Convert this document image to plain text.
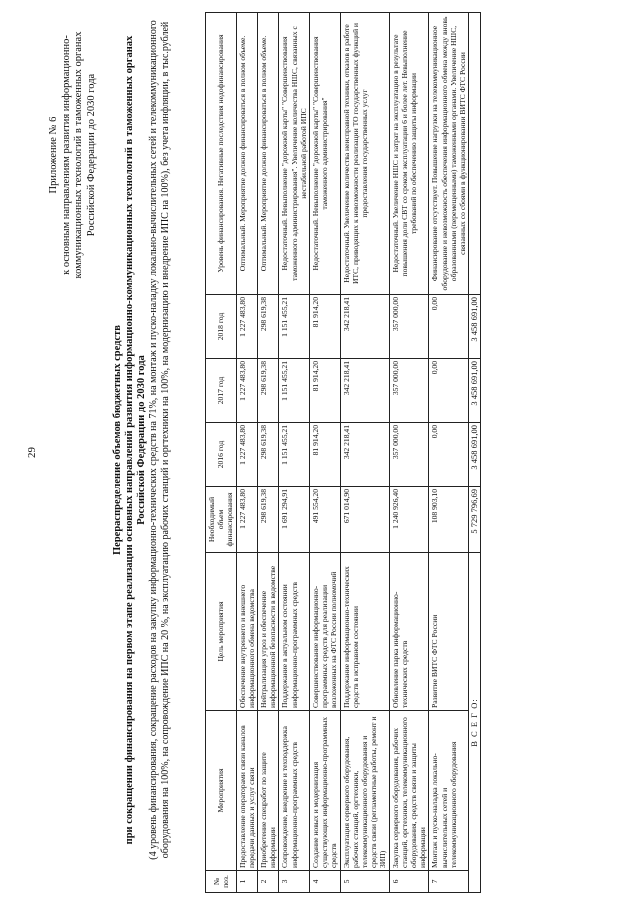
29
Приложение № 6 к основным направлениям развития информационно- коммуникационных технологий в таможенных органах Российской Федерации до 2030 года
Перераспределение объемов бюджетных средств при сокращении финансирования на первом этапе реализации основных направлений развития информационно-коммуникационных технологий в таможенных органах Российской Федерации до 2030 года (4 уровень финансирования, сокращение расходов на закупку информационно-технических средств на 71%, на монтаж и пуско-наладку локально-вычислительных сетей и телекоммуникационного оборудования на 100%, на сопровождение ИПС на 20 %, на эксплуатацию рабочих станций и оргтехники на 100%, на модернизацию и внедрение ИПС на 100%), без учета инфляции, в тыс.рублей
№ поз.	Мероприятия	Цель мероприятия	Необходимый объем финансирования	2016 год	2017 год	2018 год	Уровень финансирования. Негативные последствия недофинансирования
1	Предоставление операторами связи каналов передачи данных и услуг связи	Обеспечение внутреннего и внешнего информационного обмена ведомства	1 227 483,80	1 227 483,80	1 227 483,80	1 227 483,80	Оптимальный. Мероприятие должно финансироваться в полном объеме.
2	Приобретение спецработ по защите информации	Нейтрализация угроз и обеспечение информационной безопасности в ведомстве	298 619,38	298 619,38	298 619,38	298 619,38	Оптимальный. Мероприятие должно финансироваться в полном объеме.
3	Сопровождение, внедрение и техподдержка информационно-программных средств	Поддержание в актуальном состоянии информационно-программных средств	1 691 294,91	1 151 455,21	1 151 455,21	1 151 455,21	Недостаточный. Невыполнение "дорожной карты" "Совершенствования таможенного администрирования". Увеличение количества НШС, связанных с нестабильной работой ИПС
4	Создание новых и модернизация существующих информационно-программных средств	Совершенствование информационно-программных средств для реализации возложенных на ФТС России полномочий	491 554,20	81 914,20	81 914,20	81 914,20	Недостаточный. Невыполнение "дорожной карты" "Совершенствования таможенного администрирования"
5	Эксплуатация серверного оборудования, рабочих станций, оргтехники, телекоммуникационного оборудования и средств связи (регламентные работы, ремонт и ЗИП)	Поддержание информационно-технических средств в исправном состоянии	671 014,90	342 218,41	342 218,41	342 218,41	Недостаточный. Увеличение количества неисправной техники, отказов в работе ИТС, приводящих к невозможности реализации ТО государственных функций и предоставления государственных услуг
6	Закупка серверного оборудования, рабочих станций, оргтехники, телекоммуникационного оборудования, средств связи и защиты информации	Обновление парка информационно-технических средств	1 240 926,40	357 000,00	357 000,00	357 000,00	Недостаточный. Увеличение НШС и затрат на эксплуатацию в результате повышения доли СВТ со сроком эксплуатации 6 и более лет. Невыполнение требований по обеспечению защиты информации
7	Монтаж и пуско-наладка локально-вычислительных сетей и телекоммуникационного оборудования	Развитие ВИТС ФТС России	108 903,10	0,00	0,00	0,00	Финансирование отсутствует. Повышение нагрузки на телекоммуникационное оборудование и невозможность обеспечения информационного обмена между вновь образованными (перемещенными) таможенными органами. Увеличение НШС, связанных со сбоями в функционировании ВИТС ФТС России
В С Е Г О:			5 729 796,69	3 458 691,00	3 458 691,00	3 458 691,00	
